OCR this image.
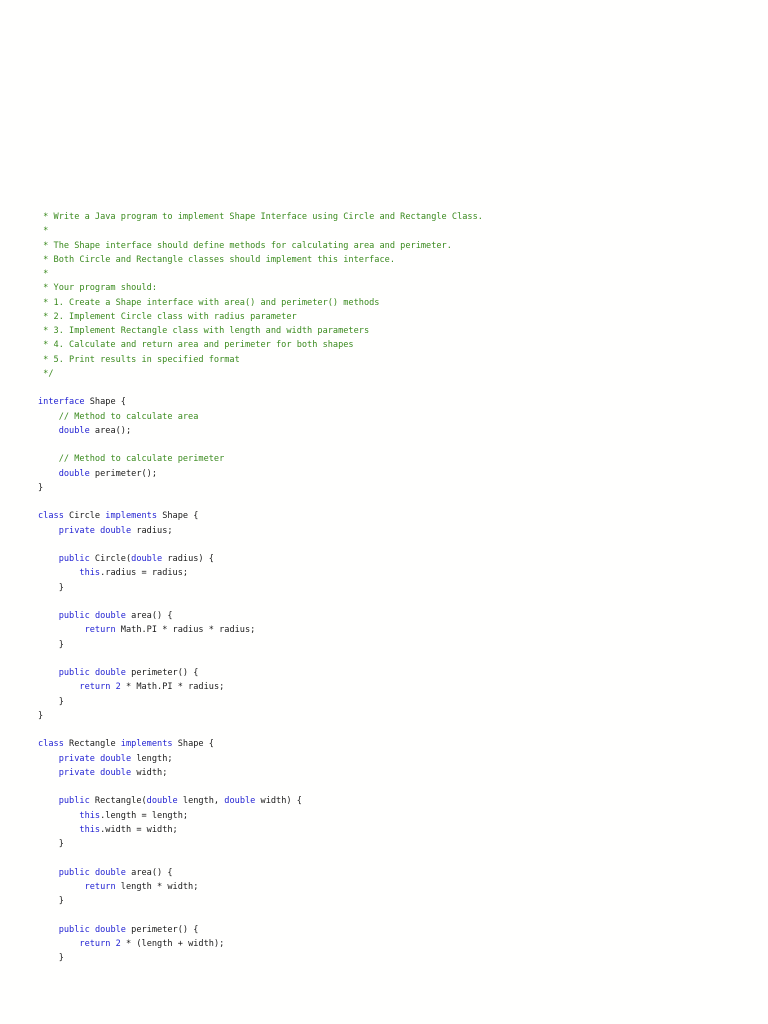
* Write a Java program to implement Shape Interface using Circle and Rectangle Class.
*
* The Shape interface should define methods for calculating area and perimeter.
* Both Circle and Rectangle classes should implement this interface.
*
* Your program should:
* 1. Create a Shape interface with area() and perimeter() methods
* 2. Implement Circle class with radius parameter
* 3. Implement Rectangle class with length and width parameters
* 4. Calculate and return area and perimeter for both shapes
* 5. Print results in specified format
*/
interface Shape {
// Method to calculate area
double area();
// Method to calculate perimeter
double perimeter();
}
class Circle implements Shape {
private double radius;
public Circle(double radius) {
this.radius = radius;
}
public double area() {
return Math.PI * radius * radius;
}
public double perimeter() {
return 2 * Math.PI * radius;
}
}
class Rectangle implements Shape {
private double length;
private double width;
public Rectangle(double length, double width) {
this.length = length;
this.width = width;
}
public double area() {
return length * width;
}
public double perimeter() {
return 2 * (length + width);
}
